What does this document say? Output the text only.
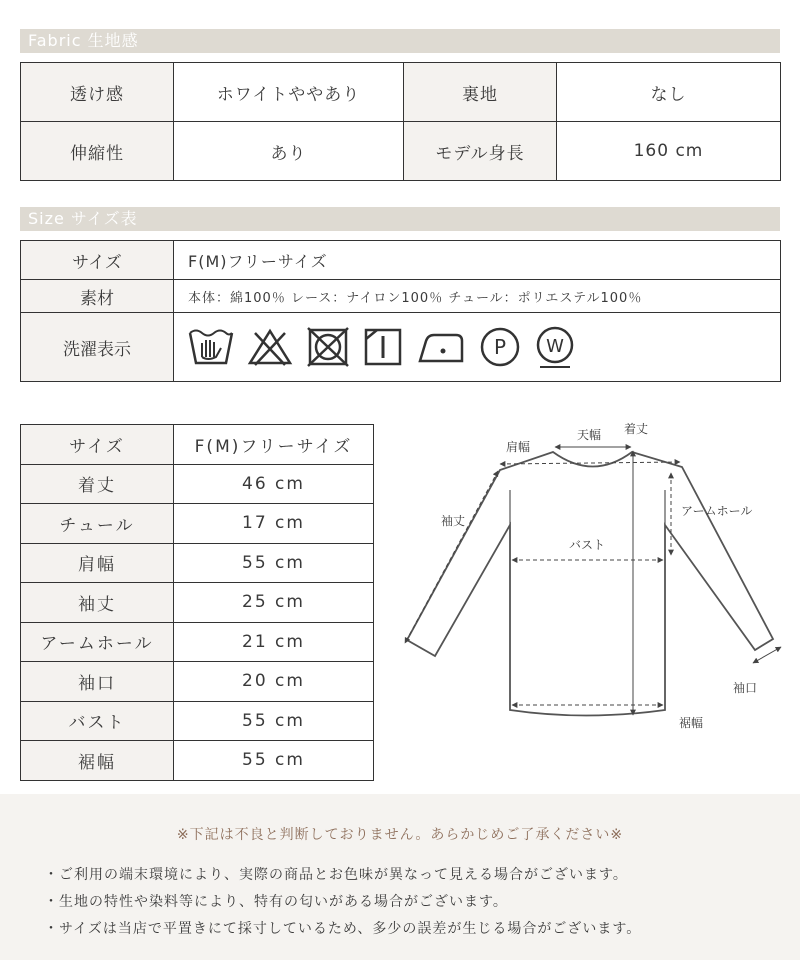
Fabric 生地感
透け感	ホワイトややあり	裏地	なし
伸縮性	あり	モデル身長	160 cm
Size サイズ表
サイズ	F(M)フリーサイズ
素材	本体：綿100％ レース：ナイロン100％ チュール：ポリエステル100％
洗濯表示	P W
サイズ	F(M)フリーサイズ
着丈	46 cm
チュール	17 cm
肩幅	55 cm
袖丈	25 cm
アームホール	21 cm
袖口	20 cm
バスト	55 cm
裾幅	55 cm
天幅
肩幅
着丈
アームホール
袖丈
バスト
袖口
裾幅
※下記は不良と判断しておりません。あらかじめご了承ください※
・ご利用の端末環境により、実際の商品とお色味が異なって見える場合がございます。
・生地の特性や染料等により、特有の匂いがある場合がございます。
・サイズは当店で平置きにて採寸しているため、多少の誤差が生じる場合がございます。
